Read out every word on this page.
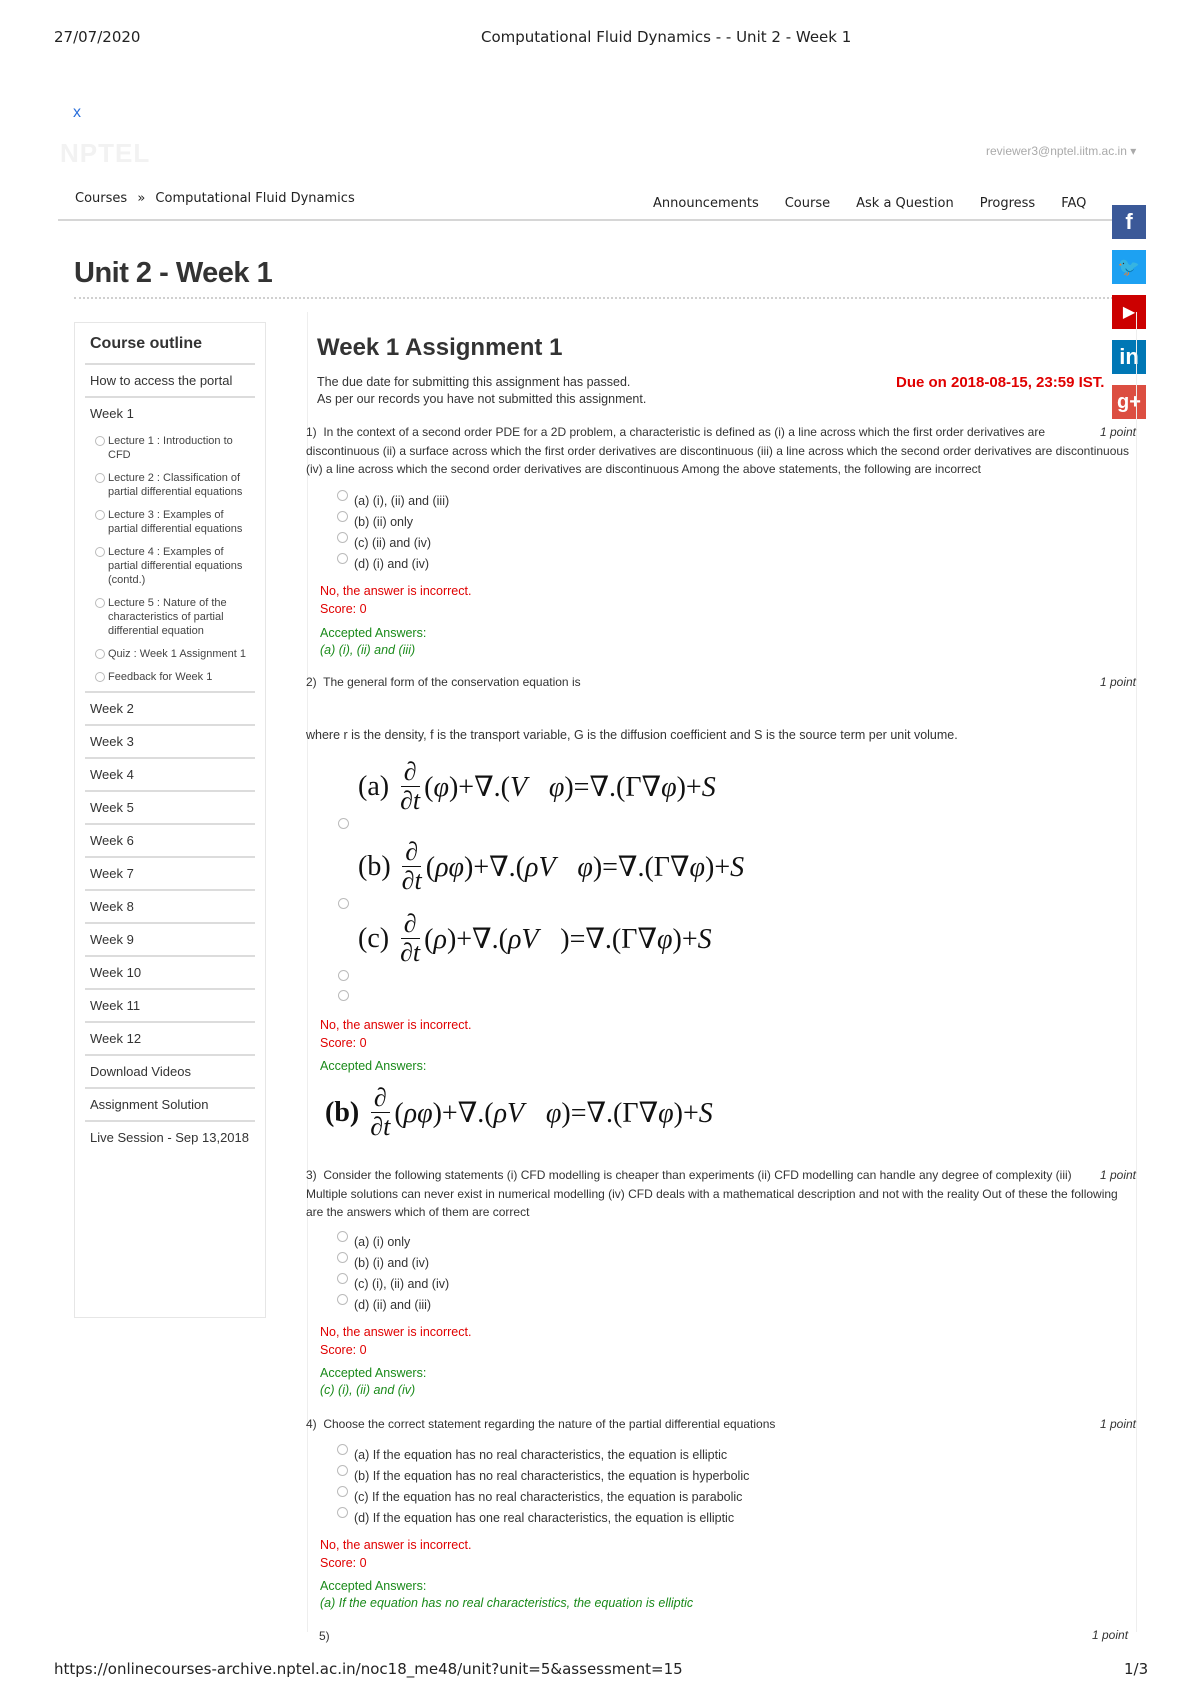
27/07/2020	Computational Fluid Dynamics - - Unit 2 - Week 1
x
NPTEL	reviewer3@nptel.iitm.ac.in ▾
Courses » Computational Fluid Dynamics	Announcements Course Ask a Question Progress FAQ
Unit 2 - Week 1
f
🐦
▶
in
g+
Course outline
How to access the portal
Week 1
Lecture 1 : Introduction to CFD
Lecture 2 : Classification of partial differential equations
Lecture 3 : Examples of partial differential equations
Lecture 4 : Examples of partial differential equations (contd.)
Lecture 5 : Nature of the characteristics of partial differential equation
Quiz : Week 1 Assignment 1
Feedback for Week 1
Week 2
Week 3
Week 4
Week 5
Week 6
Week 7
Week 8
Week 9
Week 10
Week 11
Week 12
Download Videos
Assignment Solution
Live Session - Sep 13,2018
Week 1 Assignment 1
The due date for submitting this assignment has passed.
As per our records you have not submitted this assignment.
Due on 2018-08-15, 23:59 IST.
1 point
1) In the context of a second order PDE for a 2D problem, a characteristic is defined as (i) a line across which the first order derivatives are discontinuous (ii) a surface across which the first order derivatives are discontinuous (iii) a line across which the second order derivatives are discontinuous (iv) a line across which the second order derivatives are discontinuous Among the above statements, the following are incorrect
(a) (i), (ii) and (iii)
(b) (ii) only
(c) (ii) and (iv)
(d) (i) and (iv)
No, the answer is incorrect.
Score: 0
Accepted Answers:
(a) (i), (ii) and (iii)
1 point
2) The general form of the conservation equation is
where r is the density, f is the transport variable, G is the diffusion coefficient and S is the source term per unit volume.
(a)
$\frac{\partial}{\partial t}$ (φ)+∇.(V⃗φ)=∇.(Γ∇φ)+S
(b)
$\frac{\partial}{\partial t}$ (ρφ)+∇.(ρV⃗φ)=∇.(Γ∇φ)+S
(c)
$\frac{\partial}{\partial t}$ (ρ)+∇.(ρV⃗)=∇.(Γ∇φ)+S
No, the answer is incorrect.
Score: 0
Accepted Answers:
(b)
$\frac{\partial}{\partial t}$ (ρφ)+∇.(ρV⃗φ)=∇.(Γ∇φ)+S
1 point
3) Consider the following statements (i) CFD modelling is cheaper than experiments (ii) CFD modelling can handle any degree of complexity (iii) Multiple solutions can never exist in numerical modelling (iv) CFD deals with a mathematical description and not with the reality Out of these the following are the answers which of them are correct
(a) (i) only
(b) (i) and (iv)
(c) (i), (ii) and (iv)
(d) (ii) and (iii)
No, the answer is incorrect.
Score: 0
Accepted Answers:
(c) (i), (ii) and (iv)
1 point
4) Choose the correct statement regarding the nature of the partial differential equations
(a) If the equation has no real characteristics, the equation is elliptic
(b) If the equation has no real characteristics, the equation is hyperbolic
(c) If the equation has no real characteristics, the equation is parabolic
(d) If the equation has one real characteristics, the equation is elliptic
No, the answer is incorrect.
Score: 0
Accepted Answers:
(a) If the equation has no real characteristics, the equation is elliptic
5)	1 point
https://onlinecourses-archive.nptel.ac.in/noc18_me48/unit?unit=5&assessment=15	1/3
